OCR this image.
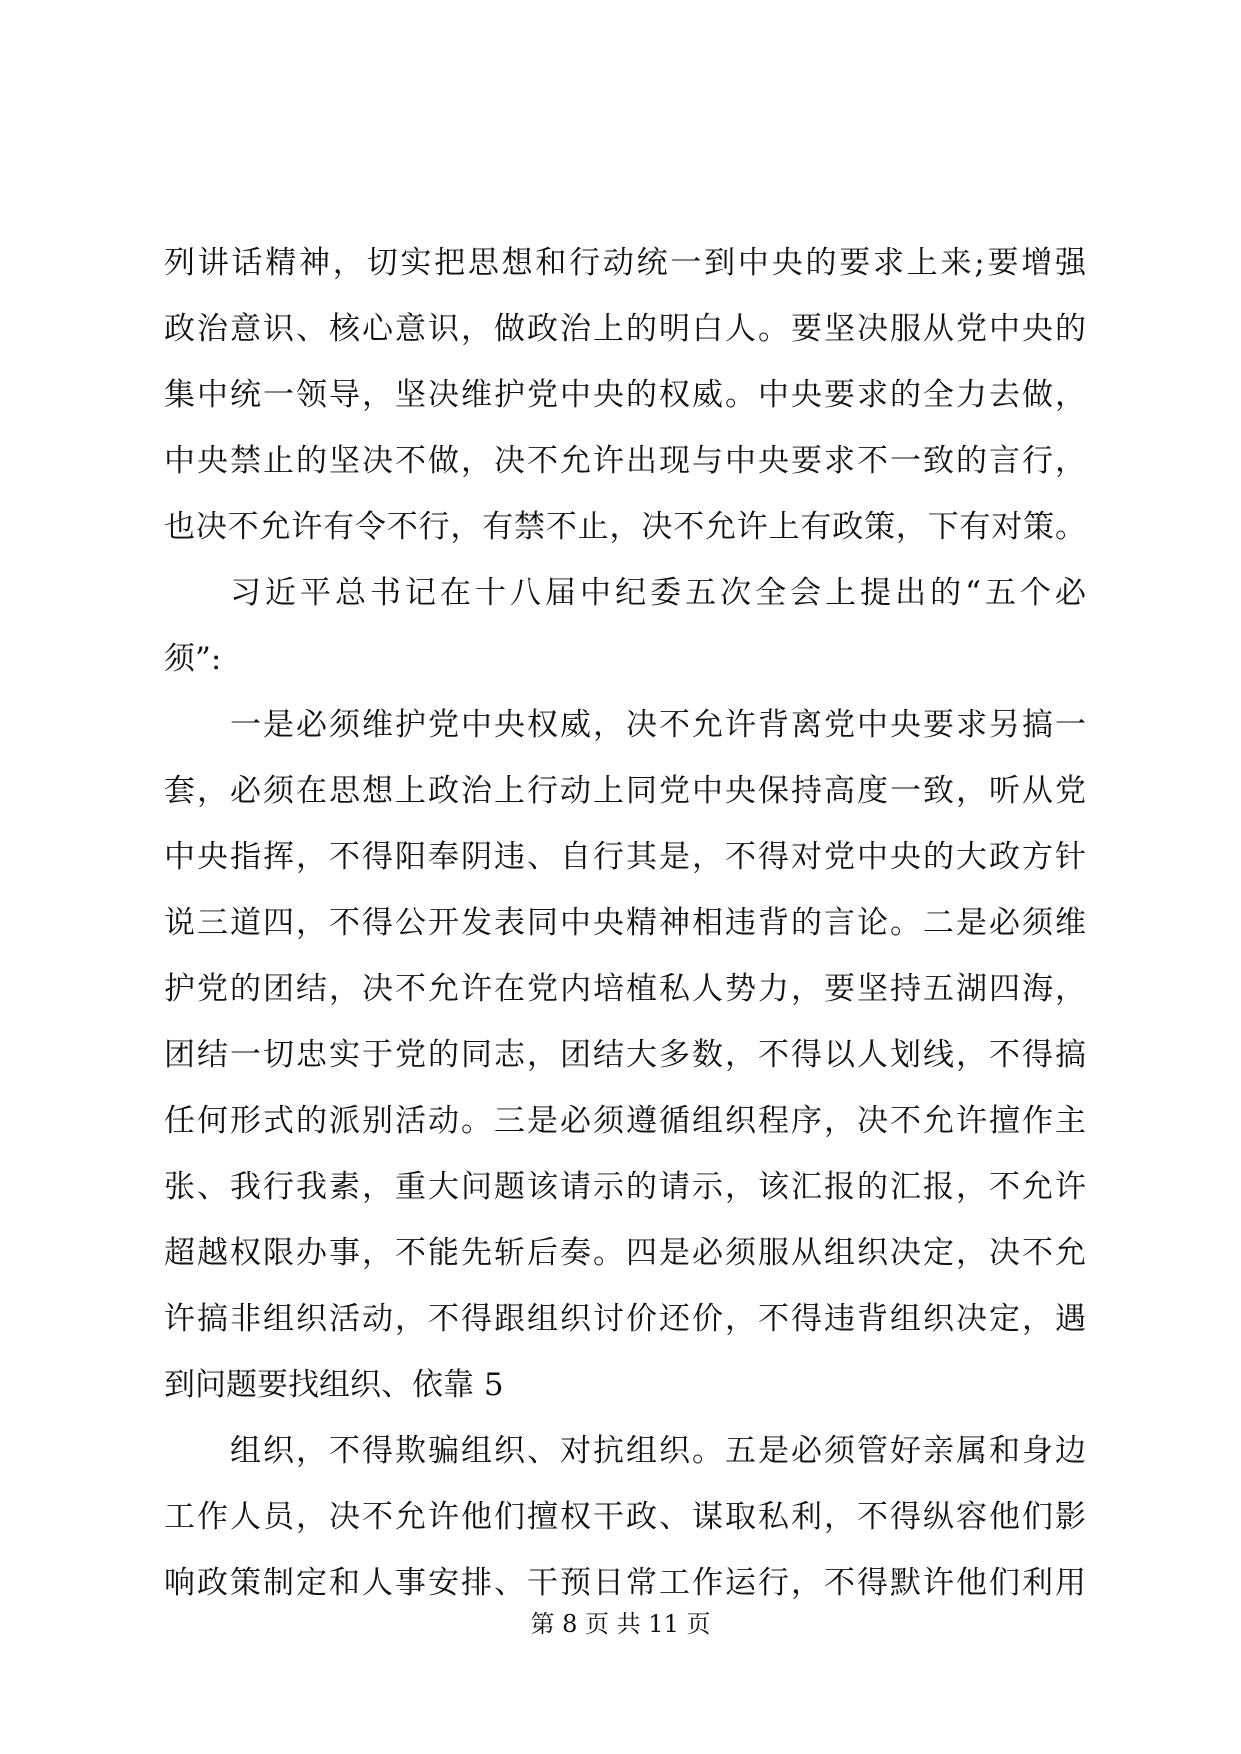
列讲话精神，切实把思想和行动统一到中央的要求上来;要增强
政治意识、核心意识，做政治上的明白人。要坚决服从党中央的
集中统一领导，坚决维护党中央的权威。中央要求的全力去做，
中央禁止的坚决不做，决不允许出现与中央要求不一致的言行，
也决不允许有令不行，有禁不止，决不允许上有政策，下有对策。
习近平总书记在十八届中纪委五次全会上提出的“五个必
须”:
一是必须维护党中央权威，决不允许背离党中央要求另搞一
套，必须在思想上政治上行动上同党中央保持高度一致，听从党
中央指挥，不得阳奉阴违、自行其是，不得对党中央的大政方针
说三道四，不得公开发表同中央精神相违背的言论。二是必须维
护党的团结，决不允许在党内培植私人势力，要坚持五湖四海，
团结一切忠实于党的同志，团结大多数，不得以人划线，不得搞
任何形式的派别活动。三是必须遵循组织程序，决不允许擅作主
张、我行我素，重大问题该请示的请示，该汇报的汇报，不允许
超越权限办事，不能先斩后奏。四是必须服从组织决定，决不允
许搞非组织活动，不得跟组织讨价还价，不得违背组织决定，遇
到问题要找组织、依靠 5
组织，不得欺骗组织、对抗组织。五是必须管好亲属和身边
工作人员，决不允许他们擅权干政、谋取私利，不得纵容他们影
响政策制定和人事安排、干预日常工作运行，不得默许他们利用
第 8 页 共 11 页
